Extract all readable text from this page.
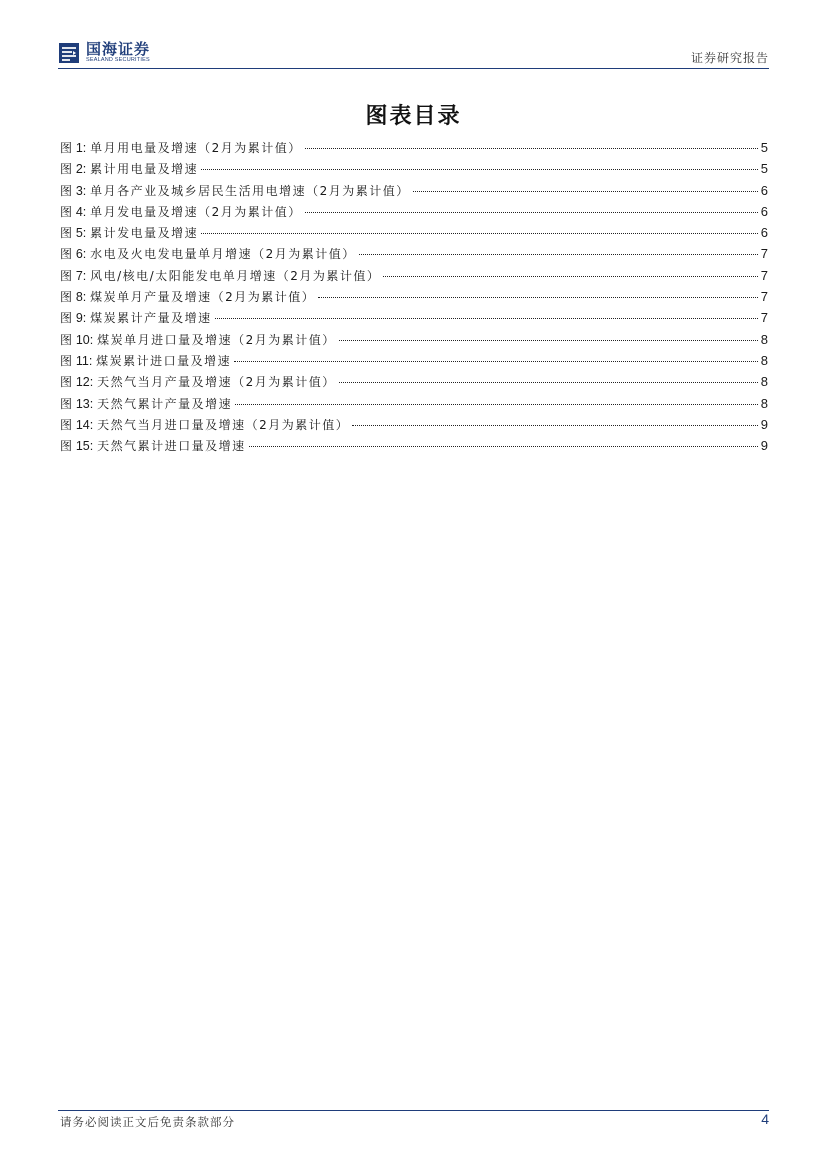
国海证券
SEALAND SECURITIES	证券研究报告
图表目录
图 1: 单月用电量及增速（2月为累计值）	5
图 2: 累计用电量及增速	5
图 3: 单月各产业及城乡居民生活用电增速（2月为累计值）	6
图 4: 单月发电量及增速（2月为累计值）	6
图 5: 累计发电量及增速	6
图 6: 水电及火电发电量单月增速（2月为累计值）	7
图 7: 风电/核电/太阳能发电单月增速（2月为累计值）	7
图 8: 煤炭单月产量及增速（2月为累计值）	7
图 9: 煤炭累计产量及增速	7
图 10: 煤炭单月进口量及增速（2月为累计值）	8
图 11: 煤炭累计进口量及增速	8
图 12: 天然气当月产量及增速（2月为累计值）	8
图 13: 天然气累计产量及增速	8
图 14: 天然气当月进口量及增速（2月为累计值）	9
图 15: 天然气累计进口量及增速	9
请务必阅读正文后免责条款部分	4
